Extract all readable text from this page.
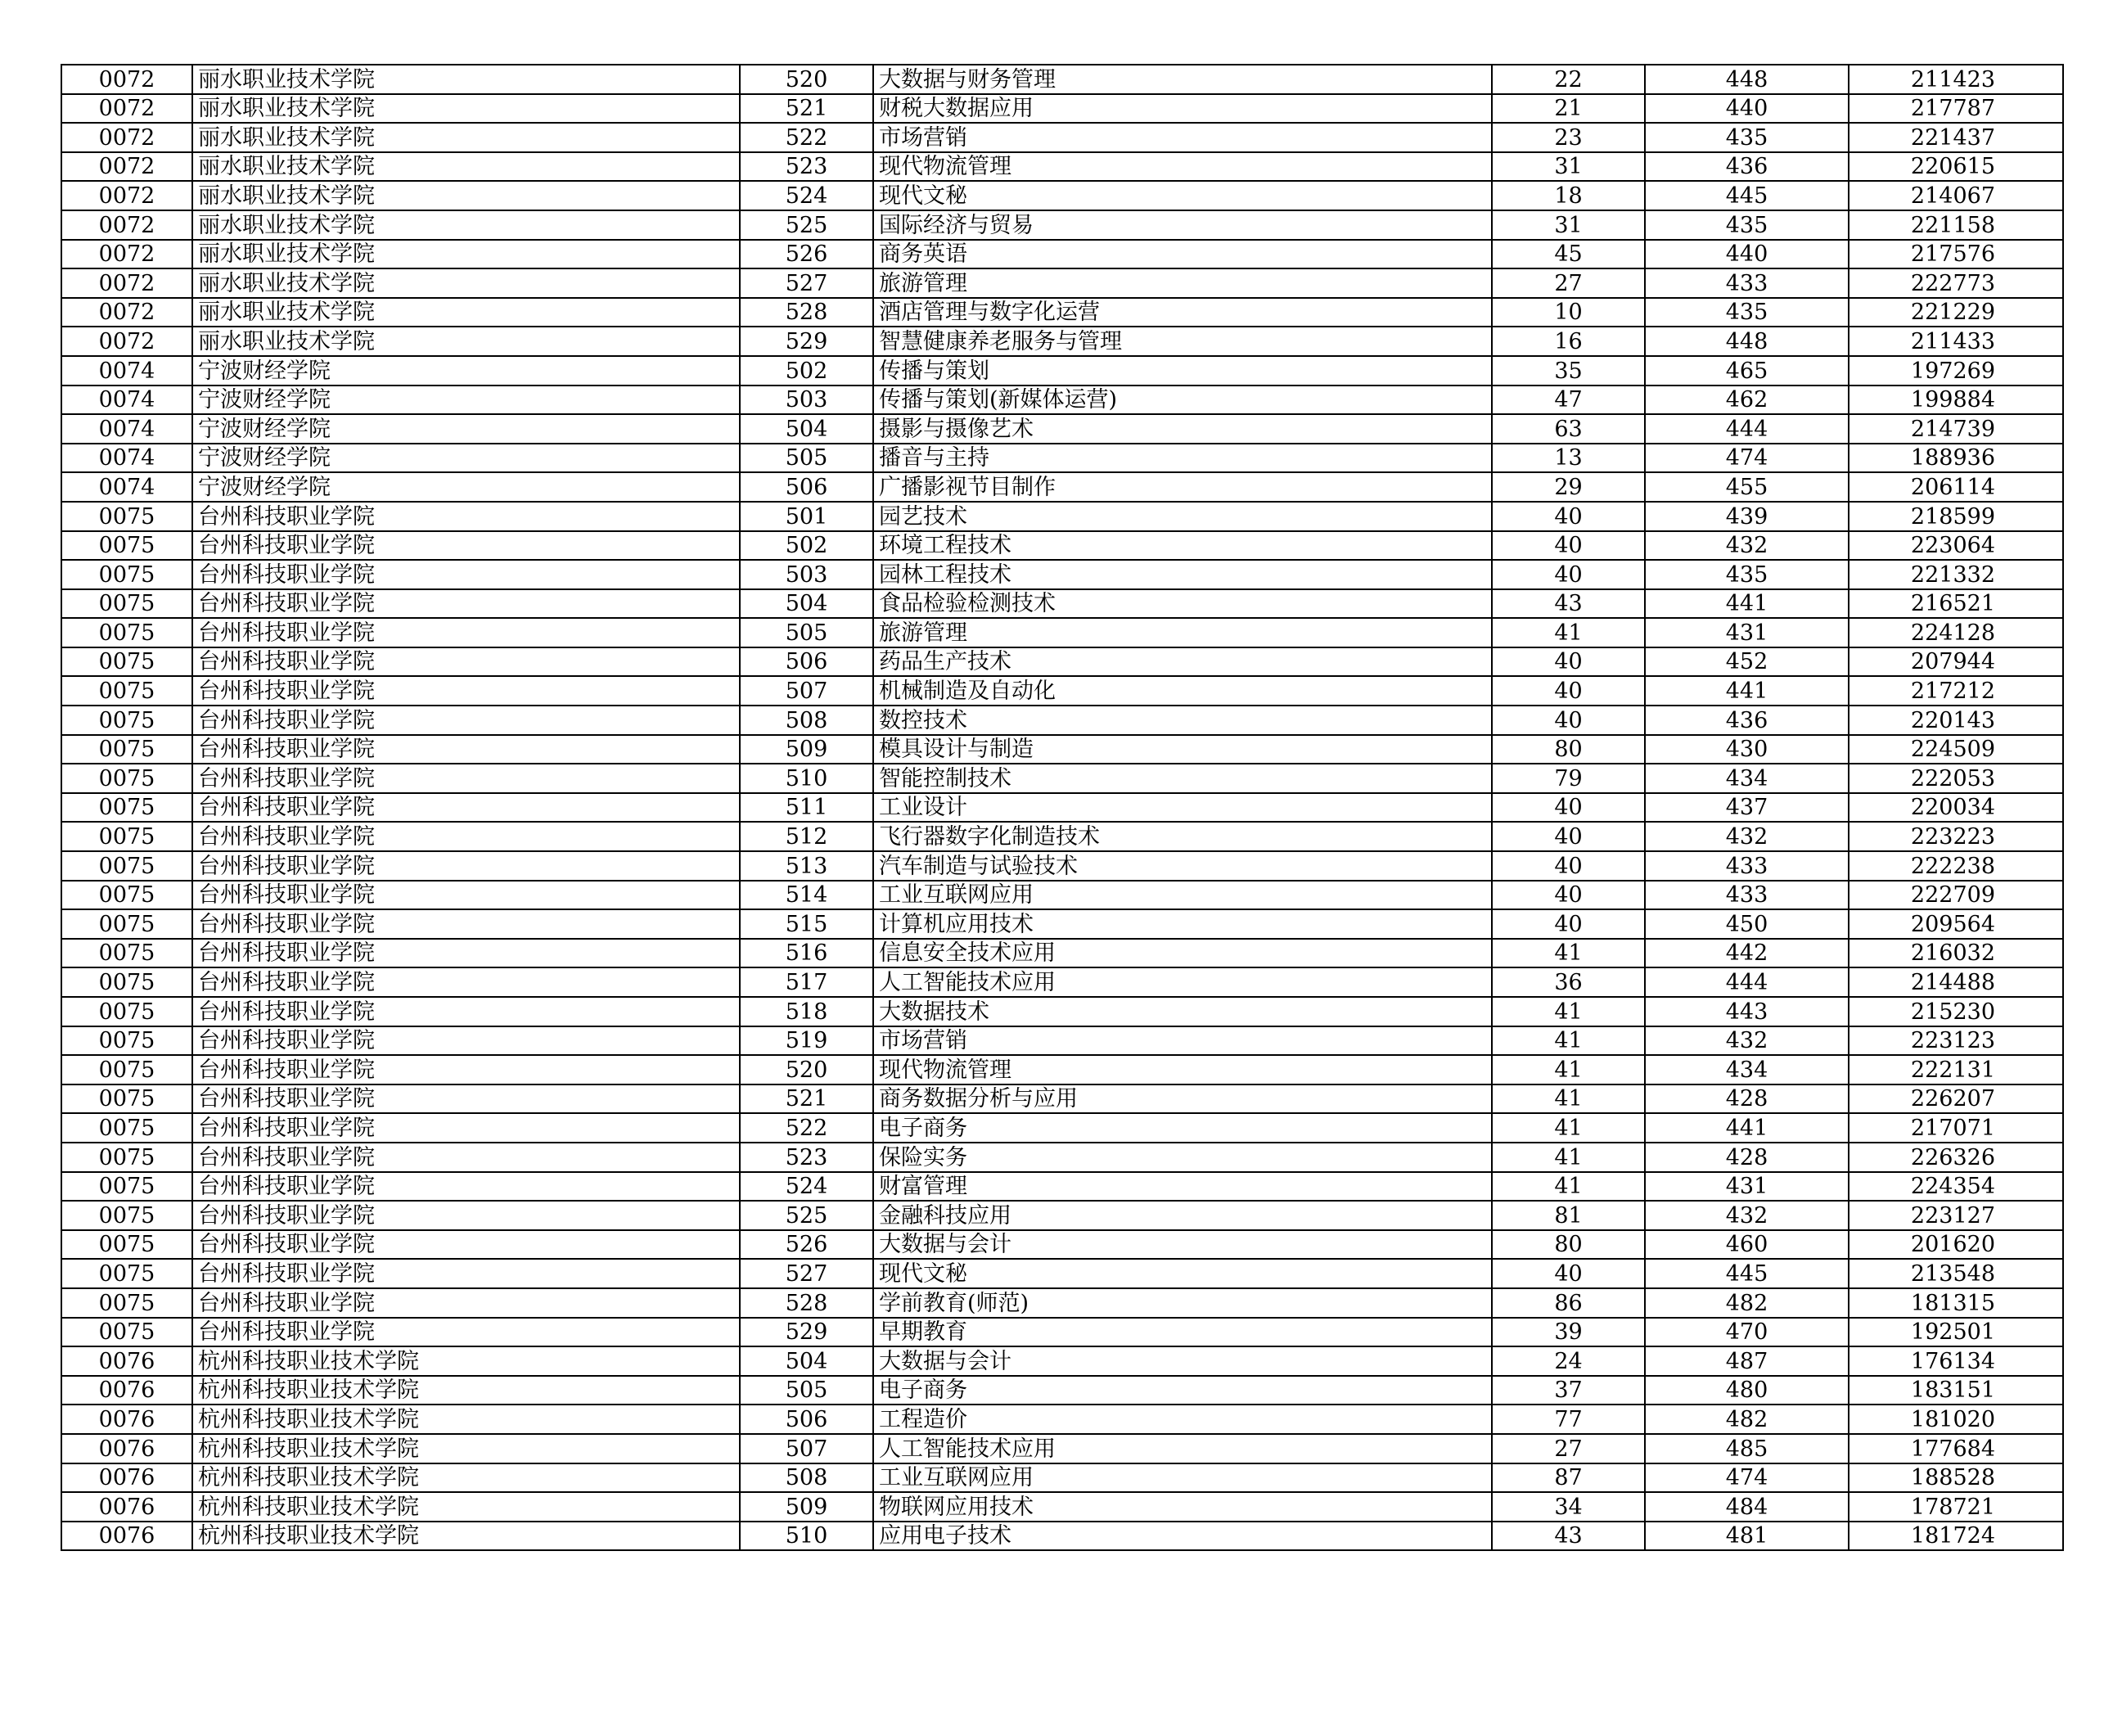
0072	丽水职业技术学院	520	大数据与财务管理	22	448	211423
0072	丽水职业技术学院	521	财税大数据应用	21	440	217787
0072	丽水职业技术学院	522	市场营销	23	435	221437
0072	丽水职业技术学院	523	现代物流管理	31	436	220615
0072	丽水职业技术学院	524	现代文秘	18	445	214067
0072	丽水职业技术学院	525	国际经济与贸易	31	435	221158
0072	丽水职业技术学院	526	商务英语	45	440	217576
0072	丽水职业技术学院	527	旅游管理	27	433	222773
0072	丽水职业技术学院	528	酒店管理与数字化运营	10	435	221229
0072	丽水职业技术学院	529	智慧健康养老服务与管理	16	448	211433
0074	宁波财经学院	502	传播与策划	35	465	197269
0074	宁波财经学院	503	传播与策划(新媒体运营)	47	462	199884
0074	宁波财经学院	504	摄影与摄像艺术	63	444	214739
0074	宁波财经学院	505	播音与主持	13	474	188936
0074	宁波财经学院	506	广播影视节目制作	29	455	206114
0075	台州科技职业学院	501	园艺技术	40	439	218599
0075	台州科技职业学院	502	环境工程技术	40	432	223064
0075	台州科技职业学院	503	园林工程技术	40	435	221332
0075	台州科技职业学院	504	食品检验检测技术	43	441	216521
0075	台州科技职业学院	505	旅游管理	41	431	224128
0075	台州科技职业学院	506	药品生产技术	40	452	207944
0075	台州科技职业学院	507	机械制造及自动化	40	441	217212
0075	台州科技职业学院	508	数控技术	40	436	220143
0075	台州科技职业学院	509	模具设计与制造	80	430	224509
0075	台州科技职业学院	510	智能控制技术	79	434	222053
0075	台州科技职业学院	511	工业设计	40	437	220034
0075	台州科技职业学院	512	飞行器数字化制造技术	40	432	223223
0075	台州科技职业学院	513	汽车制造与试验技术	40	433	222238
0075	台州科技职业学院	514	工业互联网应用	40	433	222709
0075	台州科技职业学院	515	计算机应用技术	40	450	209564
0075	台州科技职业学院	516	信息安全技术应用	41	442	216032
0075	台州科技职业学院	517	人工智能技术应用	36	444	214488
0075	台州科技职业学院	518	大数据技术	41	443	215230
0075	台州科技职业学院	519	市场营销	41	432	223123
0075	台州科技职业学院	520	现代物流管理	41	434	222131
0075	台州科技职业学院	521	商务数据分析与应用	41	428	226207
0075	台州科技职业学院	522	电子商务	41	441	217071
0075	台州科技职业学院	523	保险实务	41	428	226326
0075	台州科技职业学院	524	财富管理	41	431	224354
0075	台州科技职业学院	525	金融科技应用	81	432	223127
0075	台州科技职业学院	526	大数据与会计	80	460	201620
0075	台州科技职业学院	527	现代文秘	40	445	213548
0075	台州科技职业学院	528	学前教育(师范)	86	482	181315
0075	台州科技职业学院	529	早期教育	39	470	192501
0076	杭州科技职业技术学院	504	大数据与会计	24	487	176134
0076	杭州科技职业技术学院	505	电子商务	37	480	183151
0076	杭州科技职业技术学院	506	工程造价	77	482	181020
0076	杭州科技职业技术学院	507	人工智能技术应用	27	485	177684
0076	杭州科技职业技术学院	508	工业互联网应用	87	474	188528
0076	杭州科技职业技术学院	509	物联网应用技术	34	484	178721
0076	杭州科技职业技术学院	510	应用电子技术	43	481	181724
